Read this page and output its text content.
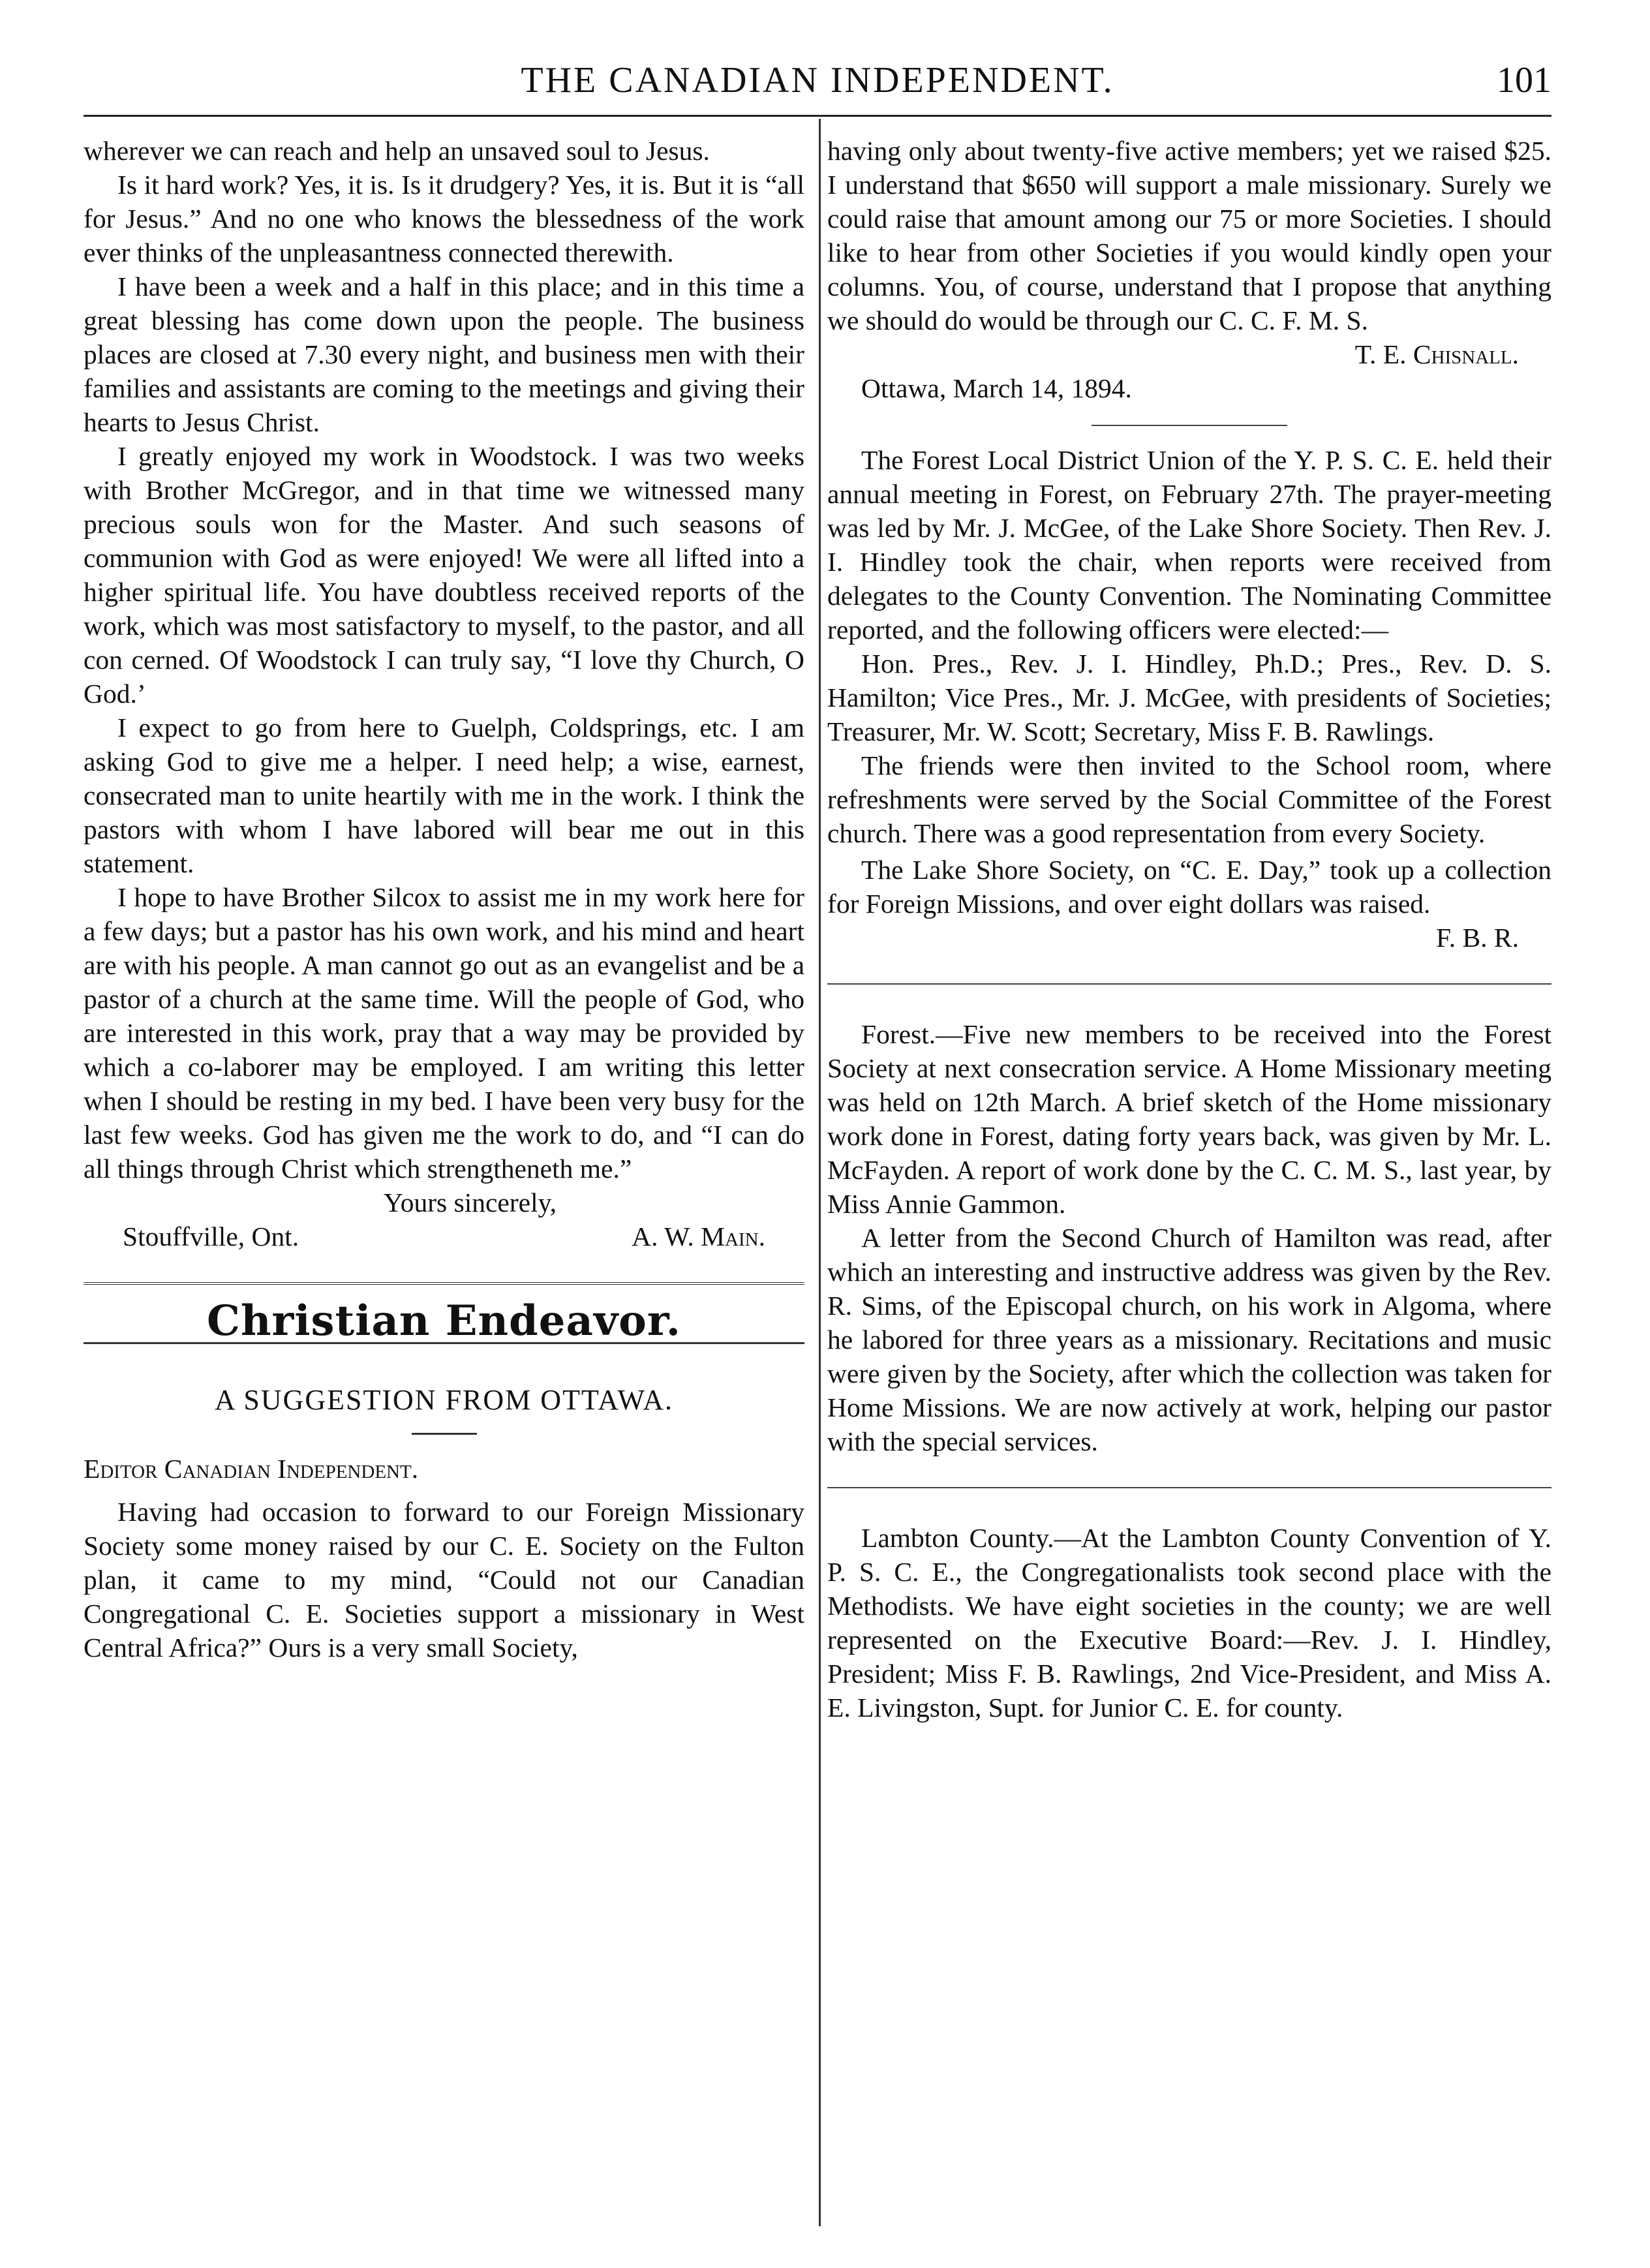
THE CANADIAN INDEPENDENT.	101

wherever we can reach and help an unsaved soul to Jesus.

Is it hard work? Yes, it is. Is it drudgery? Yes, it is. But it is “all for Jesus.” And no one who knows the blessedness of the work ever thinks of the unpleasantness connected therewith.

I have been a week and a half in this place; and in this time a great blessing has come down upon the people. The business places are closed at 7.30 every night, and business men with their families and assistants are coming to the meetings and giving their hearts to Jesus Christ.

I greatly enjoyed my work in Woodstock. I was two weeks with Brother McGregor, and in that time we witnessed many precious souls won for the Master. And such seasons of communion with God as were enjoyed! We were all lifted into a higher spiritual life. You have doubtless received reports of the work, which was most satisfactory to myself, to the pastor, and all con cerned. Of Woodstock I can truly say, “I love thy Church, O God.’

I expect to go from here to Guelph, Coldsprings, etc. I am asking God to give me a helper. I need help; a wise, earnest, consecrated man to unite heartily with me in the work. I think the pastors with whom I have labored will bear me out in this statement.

I hope to have Brother Silcox to assist me in my work here for a few days; but a pastor has his own work, and his mind and heart are with his people. A man cannot go out as an evangelist and be a pastor of a church at the same time. Will the people of God, who are interested in this work, pray that a way may be provided by which a co-laborer may be employed. I am writing this letter when I should be resting in my bed. I have been very busy for the last few weeks. God has given me the work to do, and “I can do all things through Christ which strengtheneth me.”

Yours sincerely,
Stouffville, Ont.	A. W. Main.
Christian Endeavor.
A SUGGESTION FROM OTTAWA.

Editor Canadian Independent.

Having had occasion to forward to our Foreign Missionary Society some money raised by our C. E. Society on the Fulton plan, it came to my mind, “Could not our Canadian Congregational C. E. Societies support a missionary in West Central Africa?” Ours is a very small Society,

having only about twenty-five active members; yet we raised $25. I understand that $650 will support a male missionary. Surely we could raise that amount among our 75 or more Societies. I should like to hear from other Societies if you would kindly open your columns. You, of course, understand that I propose that anything we should do would be through our C. C. F. M. S.

T. E. Chisnall.

Ottawa, March 14, 1894.

The Forest Local District Union of the Y. P. S. C. E. held their annual meeting in Forest, on February 27th. The prayer-meeting was led by Mr. J. McGee, of the Lake Shore Society. Then Rev. J. I. Hindley took the chair, when reports were received from delegates to the County Convention. The Nominating Committee reported, and the following officers were elected:—

Hon. Pres., Rev. J. I. Hindley, Ph.D.; Pres., Rev. D. S. Hamilton; Vice Pres., Mr. J. McGee, with presidents of Societies; Treasurer, Mr. W. Scott; Secretary, Miss F. B. Rawlings.

The friends were then invited to the School room, where refreshments were served by the Social Committee of the Forest church. There was a good representation from every Society.

The Lake Shore Society, on “C. E. Day,” took up a collection for Foreign Missions, and over eight dollars was raised.

F. B. R.

Forest.—Five new members to be received into the Forest Society at next consecration service. A Home Missionary meeting was held on 12th March. A brief sketch of the Home missionary work done in Forest, dating forty years back, was given by Mr. L. McFayden. A report of work done by the C. C. M. S., last year, by Miss Annie Gammon.

A letter from the Second Church of Hamilton was read, after which an interesting and instructive address was given by the Rev. R. Sims, of the Episcopal church, on his work in Algoma, where he labored for three years as a missionary. Recitations and music were given by the Society, after which the collection was taken for Home Missions. We are now actively at work, helping our pastor with the special services.

Lambton County.—At the Lambton County Convention of Y. P. S. C. E., the Congregationalists took second place with the Methodists. We have eight societies in the county; we are well represented on the Executive Board:—Rev. J. I. Hindley, President; Miss F. B. Rawlings, 2nd Vice-President, and Miss A. E. Livingston, Supt. for Junior C. E. for county.
